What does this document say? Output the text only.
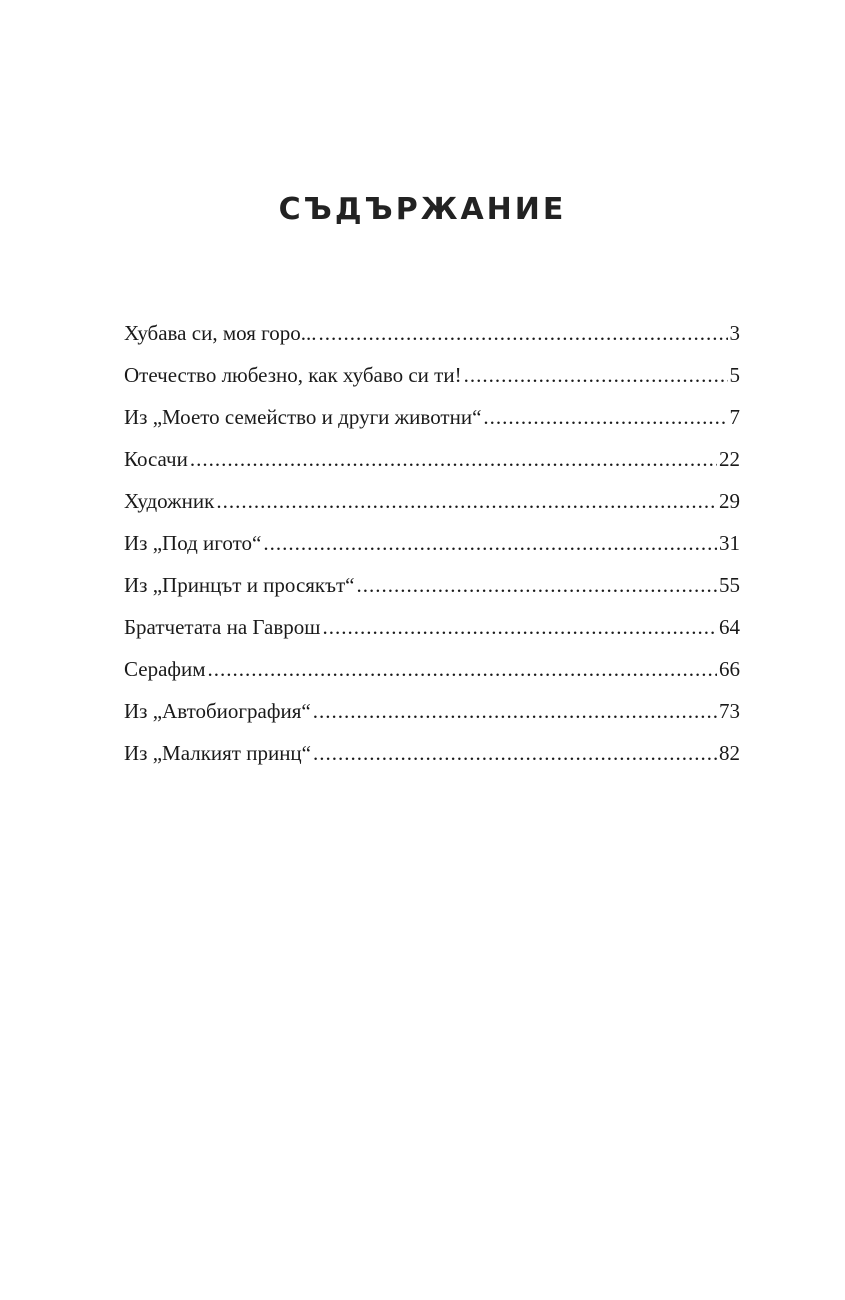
СЪДЪРЖАНИЕ
Хубава си, моя горо... .....	3
Отечество любезно, как хубаво си ти! .....	5
Из „Моето семейство и други животни“ .....	7
Косачи .....	22
Художник .....	29
Из „Под игото“ .....	31
Из „Принцът и просякът“ .....	55
Братчетата на Гаврош .....	64
Серафим .....	66
Из „Автобиография“ .....	73
Из „Малкият принц“ .....	82
